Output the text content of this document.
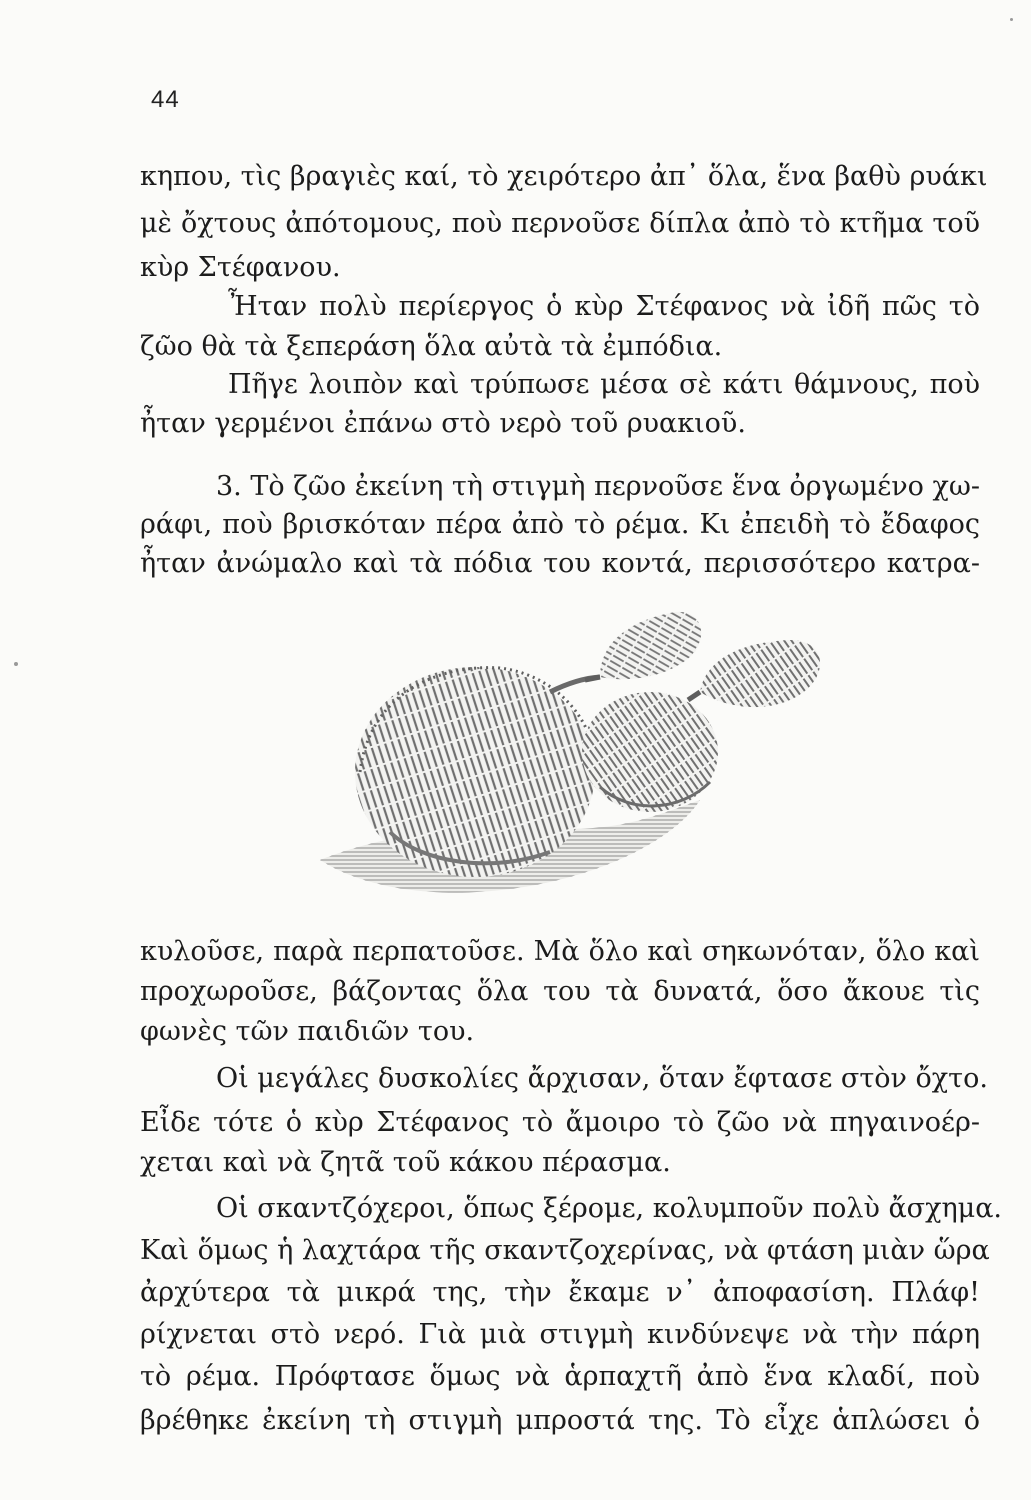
44
κηπου, τὶς βραγιὲς καί, τὸ χειρότερο ἀπ᾽ ὅλα, ἕνα βαθὺ ρυάκι
μὲ ὄχτους ἀπότομους, ποὺ περνοῦσε δίπλα ἀπὸ τὸ κτῆμα τοῦ
κὺρ Στέφανου.
Ἦταν πολὺ περίεργος ὁ κὺρ Στέφανος νὰ ἰδῆ πῶς τὸ
ζῶο θὰ τὰ ξεπεράση ὅλα αὐτὰ τὰ ἐμπόδια.
Πῆγε λοιπὸν καὶ τρύπωσε μέσα σὲ κάτι θάμνους, ποὺ
ἦταν γερμένοι ἐπάνω στὸ νερὸ τοῦ ρυακιοῦ.
3. Τὸ ζῶο ἐκείνη τὴ στιγμὴ περνοῦσε ἕνα ὀργωμένο χω-
ράφι, ποὺ βρισκόταν πέρα ἀπὸ τὸ ρέμα. Κι ἐπειδὴ τὸ ἔδαφος
ἦταν ἀνώμαλο καὶ τὰ πόδια του κοντά, περισσότερο κατρα-
κυλοῦσε, παρὰ περπατοῦσε. Μὰ ὅλο καὶ σηκωνόταν, ὅλο καὶ
προχωροῦσε, βάζοντας ὅλα του τὰ δυνατά, ὅσο ἄκουε τὶς
φωνὲς τῶν παιδιῶν του.
Οἱ μεγάλες δυσκολίες ἄρχισαν, ὅταν ἔφτασε στὸν ὄχτο.
Εἶδε τότε ὁ κὺρ Στέφανος τὸ ἄμοιρο τὸ ζῶο νὰ πηγαινοέρ-
χεται καὶ νὰ ζητᾶ τοῦ κάκου πέρασμα.
Οἱ σκαντζόχεροι, ὅπως ξέρομε, κολυμποῦν πολὺ ἄσχημα.
Καὶ ὅμως ἡ λαχτάρα τῆς σκαντζοχερίνας, νὰ φτάση μιὰν ὥρα
ἀρχύτερα τὰ μικρά της, τὴν ἔκαμε ν᾽ ἀποφασίση. Πλάφ!
ρίχνεται στὸ νερό. Γιὰ μιὰ στιγμὴ κινδύνεψε νὰ τὴν πάρη
τὸ ρέμα. Πρόφτασε ὅμως νὰ ἁρπαχτῆ ἀπὸ ἕνα κλαδί, ποὺ
βρέθηκε ἐκείνη τὴ στιγμὴ μπροστά της. Τὸ εἶχε ἁπλώσει ὁ
